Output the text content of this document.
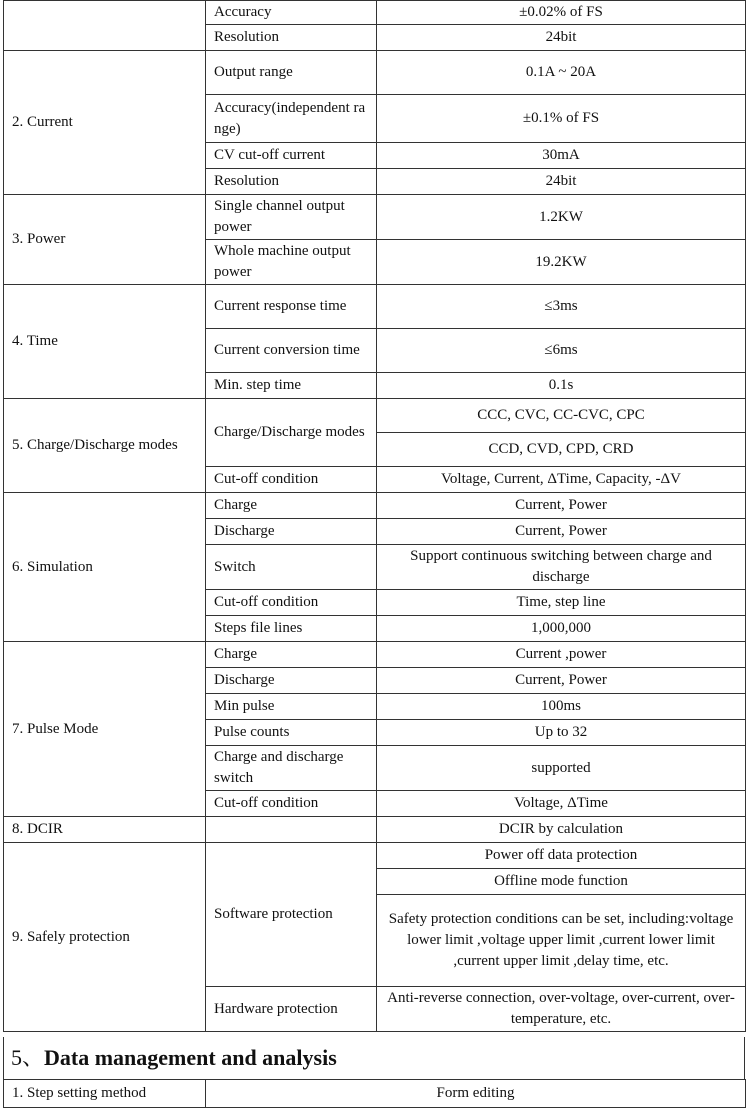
	Accuracy	±0.02% of FS
	Resolution	24bit
2. Current	Output range	0.1A ~ 20A
	Accuracy(independent range)	±0.1% of FS
	CV cut-off current	30mA
	Resolution	24bit
3. Power	Single channel output power	1.2KW
	Whole machine output power	19.2KW
4. Time	Current response time	≤3ms
	Current conversion time	≤6ms
	Min. step time	0.1s
5. Charge/Discharge modes	Charge/Discharge modes	CCC, CVC, CC-CVC, CPC
		CCD, CVD, CPD, CRD
	Cut-off condition	Voltage, Current, ΔTime, Capacity, -ΔV
6. Simulation	Charge	Current, Power
	Discharge	Current, Power
	Switch	Support continuous switching between charge and discharge
	Cut-off condition	Time, step line
	Steps file lines	1,000,000
7. Pulse Mode	Charge	Current ,power
	Discharge	Current, Power
	Min pulse	100ms
	Pulse counts	Up to 32
	Charge and discharge switch	supported
	Cut-off condition	Voltage, ΔTime
8. DCIR		DCIR by calculation
9. Safely protection	Software protection	Power off data protection
		Offline mode function
		Safety protection conditions can be set, including:voltage lower limit ,voltage upper limit ,current lower limit ,current upper limit ,delay time, etc.
	Hardware protection	Anti-reverse connection, over-voltage, over-current, over-temperature, etc.
5、Data management and analysis
1. Step setting method	Form editing
